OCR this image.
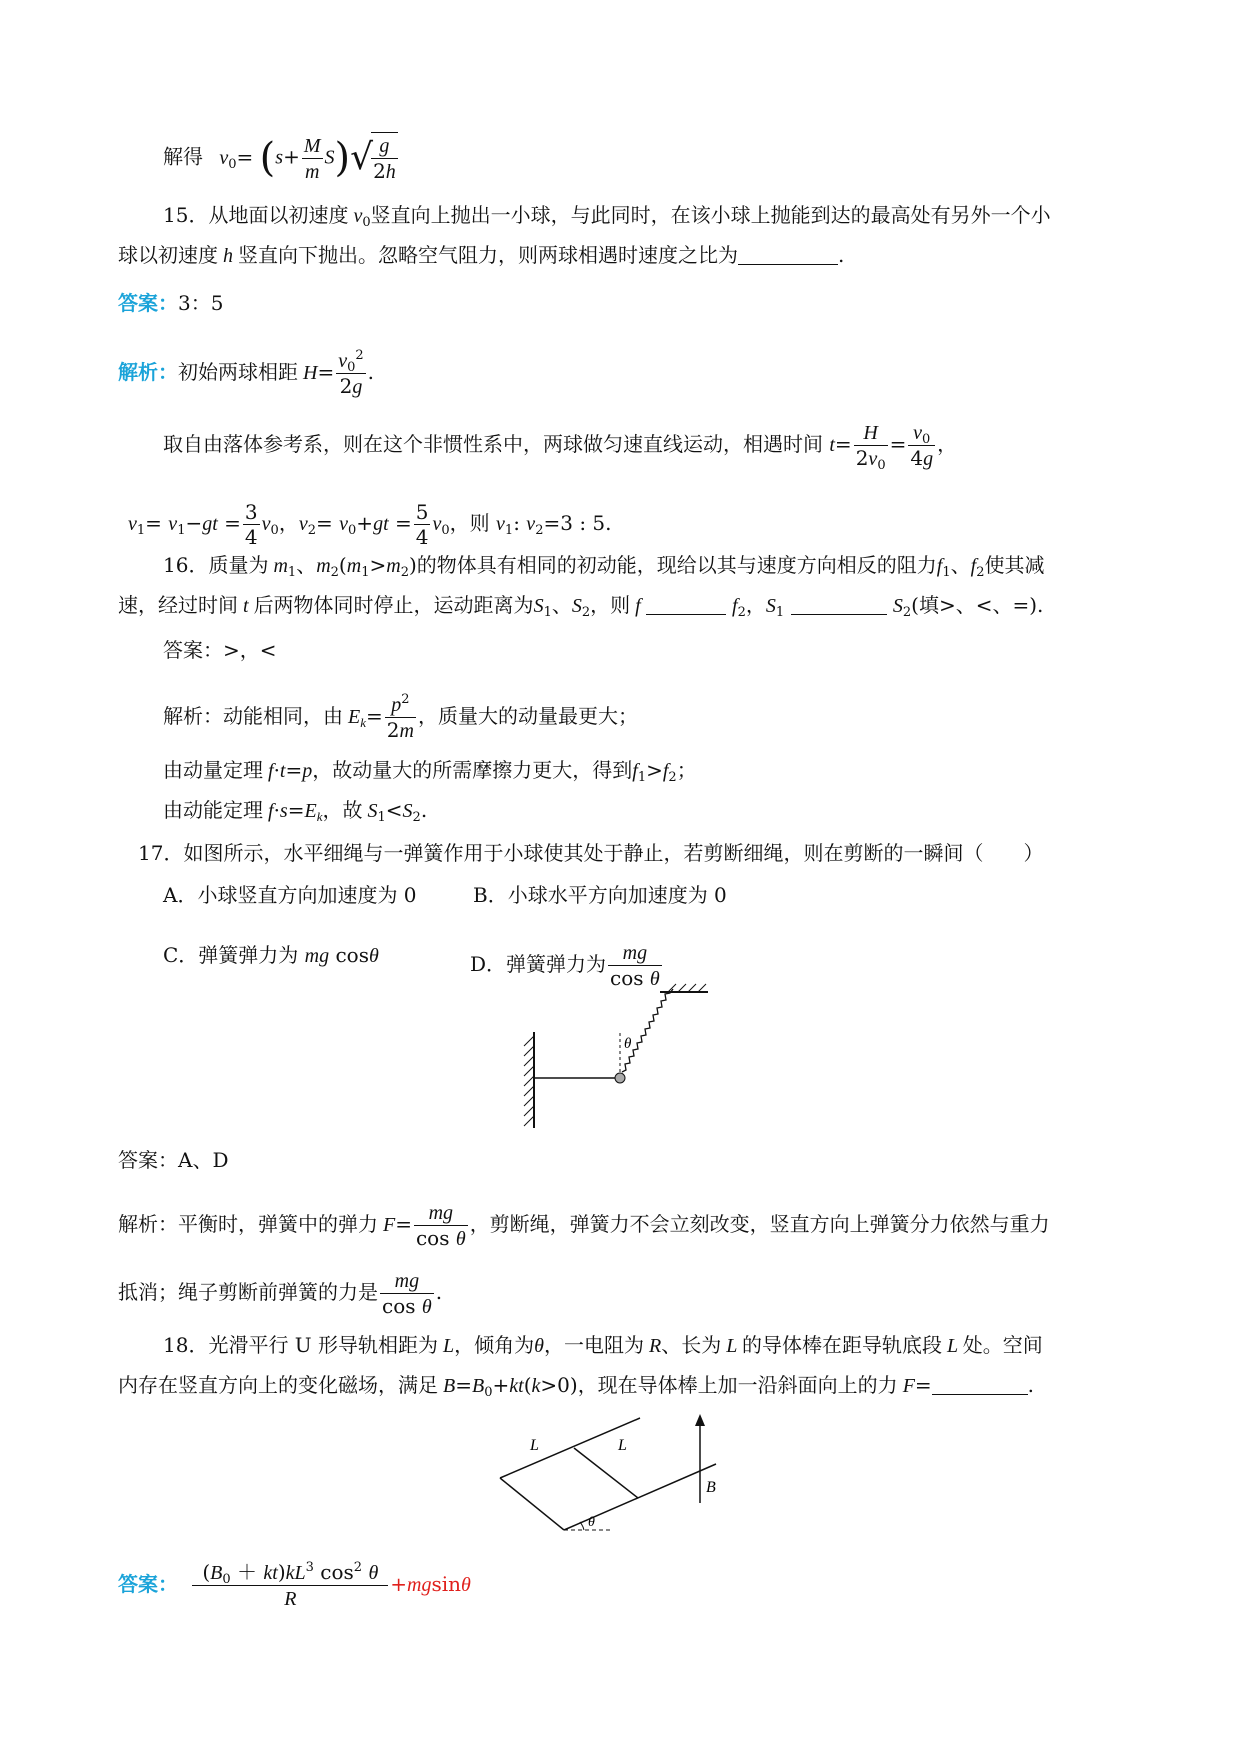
解得 $v_0= (s+ \frac{M}{m} S)√$
$\frac{g}{2h}$
15．从地面以初速度 $v_0$竖直向上抛出一小球，与此同时，在该小球上抛能到达的最高处有另外一个小
球以初速度 h 竖直向下抛出。忽略空气阻力，则两球相遇时速度之比为	.
答案：3：5
解析：初始两球相距 $H= \frac{v_0^2}{2g}$ .
取自由落体参考系，则在这个非惯性系中，两球做匀速直线运动，相遇时间 $t= \frac{H}{2v_0} = \frac{v_0}{4g}$ ，
$v_1= v_1-gt = \frac{3}{4} v_0$，$v_2= v_0+gt = \frac{5}{4} v_0$，则 $v_1$: $v_2=3$ : 5.
16．质量为 $m_1$、$m_2(m_1>m_2)$的物体具有相同的初动能，现给以其与速度方向相反的阻力$f_1$、$f_2$使其减
速，经过时间 t 后两物体同时停止，运动距离为$S_1$、$S_2$，则 f	$f_2$，$S_1$	$S_2$(填>、<、=).
答案：>，<
解析：动能相同，由 $E_k= \frac{p^2}{2m}$ ，质量大的动量最更大；
由动量定理 f·t=p，故动量大的所需摩擦力更大，得到$f_1>f_2$；
由动能定理 $f\cdot s=E_k$，故 $S_1<S_2$.
17．如图所示，水平细绳与一弹簧作用于小球使其处于静止，若剪断细绳，则在剪断的一瞬间（　　）
A．小球竖直方向加速度为 0	B．小球水平方向加速度为 0
C．弹簧弹力为 mg cosθ	D．弹簧弹力为 $\frac{mg}{\text{cos θ}}$
θ
答案：A、D
解析：平衡时，弹簧中的弹力 $F= \frac{mg}{\text{cos θ}}$ ，剪断绳，弹簧力不会立刻改变，竖直方向上弹簧分力依然与重力
抵消；绳子剪断前弹簧的力是 $\frac{mg}{\text{cos θ}}$ .
18．光滑平行 U 形导轨相距为 L，倾角为θ，一电阻为 R、长为 L 的导体棒在距导轨底段 L 处。空间
内存在竖直方向上的变化磁场，满足 $B=B_0+kt(k>0)$，现在导体棒上加一沿斜面向上的力 F=	.
L	L
B
θ
答案： $\frac{(B_0 + kt)kL^3 \cos^2 \theta}{R} +mgsin\theta$
